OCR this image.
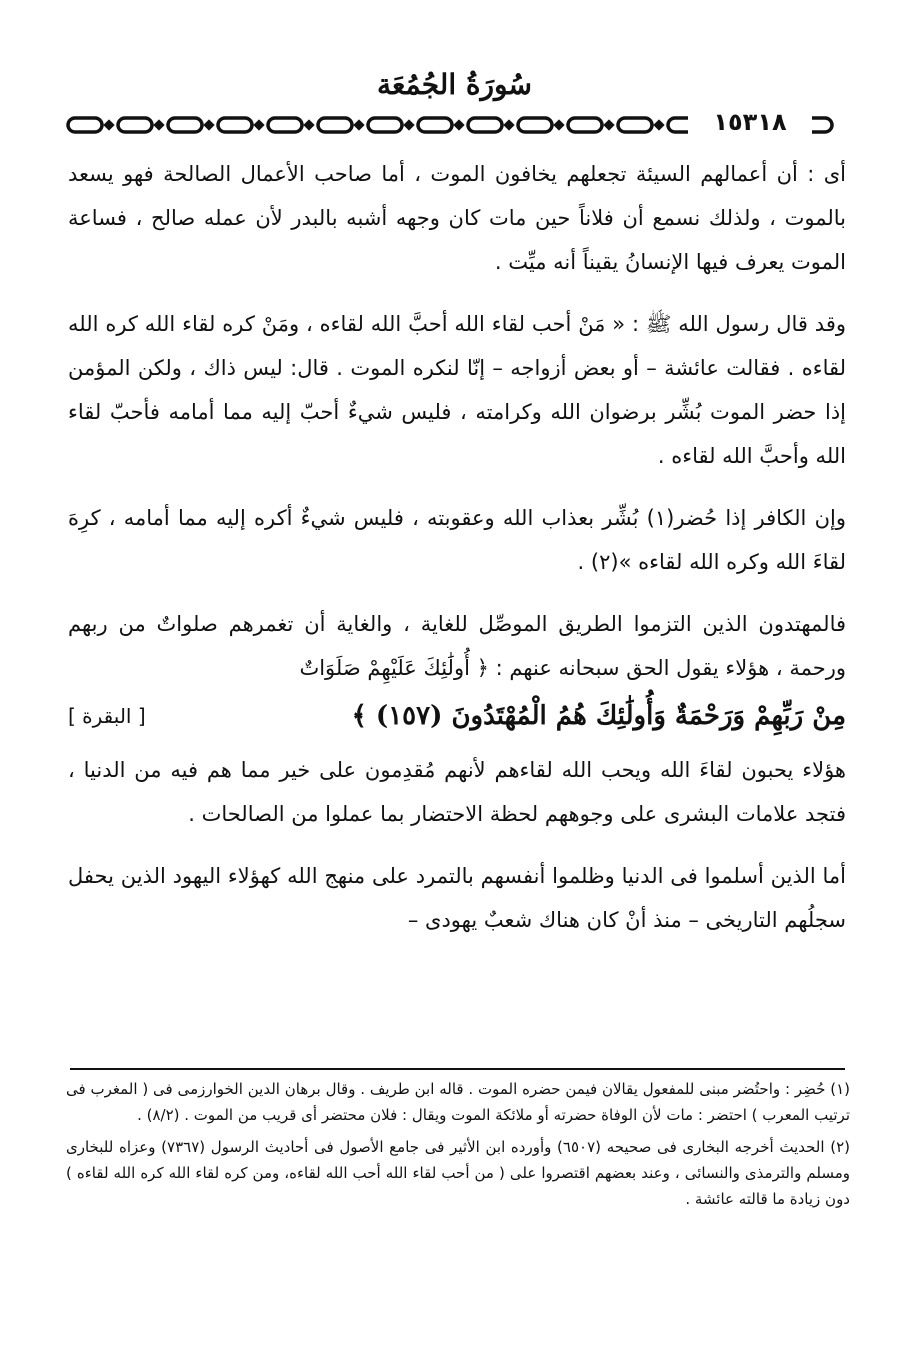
سُورَةُ الجُمُعَة
١٥٣١٨

أى : أن أعمالهم السيئة تجعلهم يخافون الموت ، أما صاحب الأعمال الصالحة فهو يسعد بالموت ، ولذلك نسمع أن فلاناً حين مات كان وجهه أشبه بالبدر لأن عمله صالح ، فساعة الموت يعرف فيها الإنسانُ يقيناً أنه ميِّت .

وقد قال رسول الله ﷺ : « مَنْ أحب لقاء الله أحبَّ الله لقاءه ، ومَنْ كره لقاء الله كره الله لقاءه . فقالت عائشة – أو بعض أزواجه – إنّا لنكره الموت . قال: ليس ذاك ، ولكن المؤمن إذا حضر الموت بُشِّر برضوان الله وكرامته ، فليس شيءٌ أحبّ إليه مما أمامه فأحبّ لقاء الله وأحبَّ الله لقاءه .

وإن الكافر إذا حُضر(١) بُشِّر بعذاب الله وعقوبته ، فليس شيءٌ أكره إليه مما أمامه ، كرِهَ لقاءَ الله وكره الله لقاءه »(٢) .

فالمهتدون الذين التزموا الطريق الموصِّل للغاية ، والغاية أن تغمرهم صلواتٌ من ربهم ورحمة ، هؤلاء يقول الحق سبحانه عنهم : ﴿ أُولَٰئِكَ عَلَيْهِمْ صَلَوَاتٌ

[ البقرة ]	مِنْ رَبِّهِمْ وَرَحْمَةٌ وَأُولَٰئِكَ هُمُ الْمُهْتَدُونَ (١٥٧) ﴾

هؤلاء يحبون لقاءَ الله ويحب الله لقاءهم لأنهم مُقدِمون على خير مما هم فيه من الدنيا ، فتجد علامات البشرى على وجوههم لحظة الاحتضار بما عملوا من الصالحات .

أما الذين أسلموا فى الدنيا وظلموا أنفسهم بالتمرد على منهج الله كهؤلاء اليهود الذين يحفل سجلُهم التاريخى – منذ أنْ كان هناك شعبٌ يهودى –

(١) حُضِر : واحتُضر مبنى للمفعول يقالان فيمن حضره الموت . قاله ابن طريف . وقال برهان الدين الخوارزمى فى ( المغرب فى ترتيب المعرب ) احتضر : مات لأن الوفاة حضرته أو ملائكة الموت ويقال : فلان محتضر أى قريب من الموت . (٨/٢) .

(٢) الحديث أخرجه البخارى فى صحيحه (٦٥٠٧) وأورده ابن الأثير فى جامع الأصول فى أحاديث الرسول (٧٣٦٧) وعزاه للبخارى ومسلم والترمذى والنسائى ، وعند بعضهم اقتصروا على ( من أحب لقاء الله أحب الله لقاءه، ومن كره لقاء الله كره الله لقاءه ) دون زيادة ما قالته عائشة .
